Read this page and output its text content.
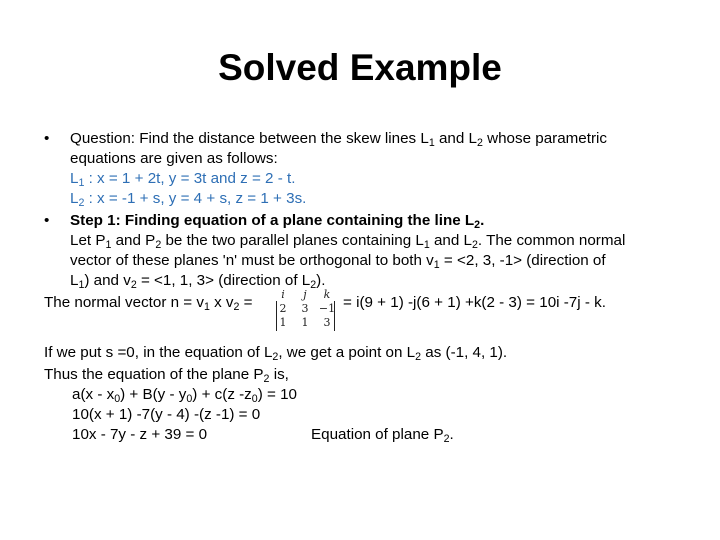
Solved Example
• Question: Find the distance between the skew lines $L_1$ and $L_2$ whose parametric
equations are given as follows:
$L_1$ : x = 1 + 2t, y = 3t and z = 2 - t.
$L_2$ : x = -1 + s, y = 4 + s, z = 1 + 3s.
• Step 1: Finding equation of a plane containing the line $L_2$.
Let $P_1$ and $P_2$ be the two parallel planes containing $L_1$ and $L_2$. The common normal
vector of these planes 'n' must be orthogonal to both $v_1 = <2$, 3, -1> (direction of
$L_1$) and $v_2 = <1$, 1, 3> (direction of $L_2$).
The normal vector $n = v_1$ x $v_2$ =	i	j	k
2	3 −1
1	1	3
= i(9 + 1) -j(6 + 1) +k(2 - 3) = 10i -7j - k.
If we put s =0, in the equation of $L_2$, we get a point on $L_2$ as (-1, 4, 1).
Thus the equation of the plane $P_2$ is,
$a(x - x_0) + B(y - y_0) + c(z$ $-z_0) = 10$
10(x + 1) -7(y - 4) -(z -1) = 0
10x - 7y - z + 39 = 0	Equation of plane $P_2$.
